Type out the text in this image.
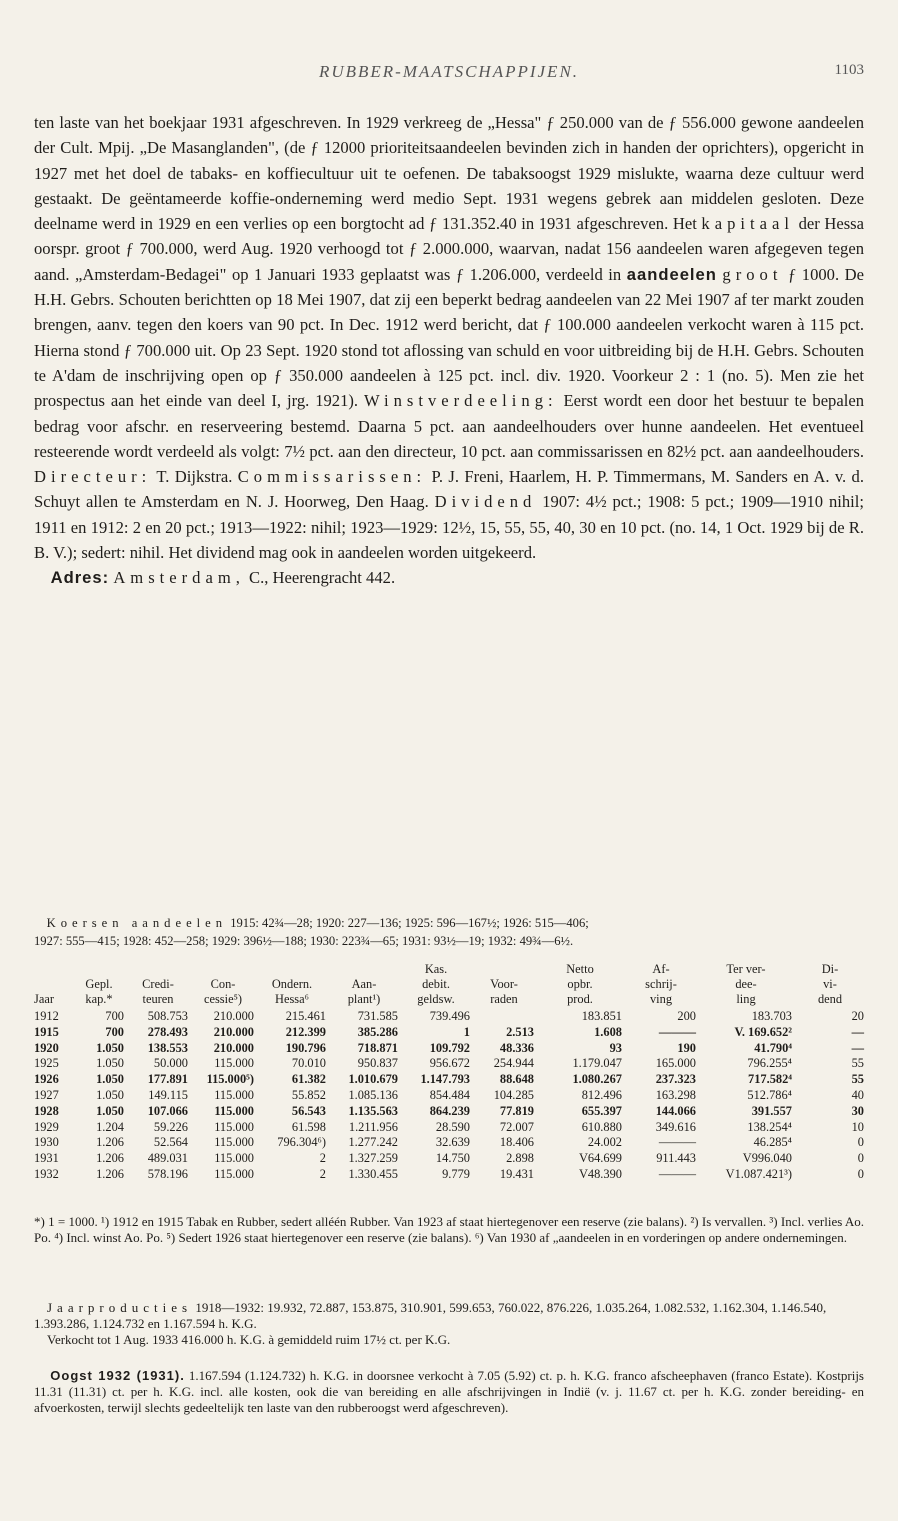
RUBBER-MAATSCHAPPIJEN.	1103

ten laste van het boekjaar 1931 afgeschreven. In 1929 verkreeg de „Hessa" ƒ 250.000 van de ƒ 556.000 gewone aandeelen der Cult. Mpij. „De Masanglanden", (de ƒ 12000 prioriteitsaandeelen bevinden zich in handen der oprichters), opgericht in 1927 met het doel de tabaks- en koffiecultuur uit te oefenen. De tabaksoogst 1929 mislukte, waarna deze cultuur werd gestaakt. De geëntameerde koffie-onderneming werd medio Sept. 1931 wegens gebrek aan middelen gesloten. Deze deelname werd in 1929 en een verlies op een borgtocht ad ƒ 131.352.40 in 1931 afgeschreven. Het kapitaal der Hessa oorspr. groot ƒ 700.000, werd Aug. 1920 verhoogd tot ƒ 2.000.000, waarvan, nadat 156 aandeelen waren afgegeven tegen aand. „Amsterdam-Bedagei" op 1 Januari 1933 geplaatst was ƒ 1.206.000, verdeeld in aandeelen groot ƒ 1000. De H.H. Gebrs. Schouten berichtten op 18 Mei 1907, dat zij een beperkt bedrag aandeelen van 22 Mei 1907 af ter markt zouden brengen, aanv. tegen den koers van 90 pct. In Dec. 1912 werd bericht, dat ƒ 100.000 aandeelen verkocht waren à 115 pct. Hierna stond ƒ 700.000 uit. Op 23 Sept. 1920 stond tot aflossing van schuld en voor uitbreiding bij de H.H. Gebrs. Schouten te A'dam de inschrijving open op ƒ 350.000 aandeelen à 125 pct. incl. div. 1920. Voorkeur 2 : 1 (no. 5). Men zie het prospectus aan het einde van deel I, jrg. 1921). Winstverdeeling: Eerst wordt een door het bestuur te bepalen bedrag voor afschr. en reserveering bestemd. Daarna 5 pct. aan aandeelhouders over hunne aandeelen. Het eventueel resteerende wordt verdeeld als volgt: 7½ pct. aan den directeur, 10 pct. aan commissarissen en 82½ pct. aan aandeelhouders. Directeur: T. Dijkstra. Commissarissen: P. J. Freni, Haarlem, H. P. Timmermans, M. Sanders en A. v. d. Schuyt allen te Amsterdam en N. J. Hoorweg, Den Haag. Dividend 1907: 4½ pct.; 1908: 5 pct.; 1909—1910 nihil; 1911 en 1912: 2 en 20 pct.; 1913—1922: nihil; 1923—1929: 12½, 15, 55, 55, 40, 30 en 10 pct. (no. 14, 1 Oct. 1929 bij de R. B. V.); sedert: nihil. Het dividend mag ook in aandeelen worden uitgekeerd.

Adres: Amsterdam, C., Heerengracht 442.

Koersen aandeelen 1915: 42¾—28; 1920: 227—136; 1925: 596—167½; 1926: 515—406;

1927: 555—415; 1928: 452—258; 1929: 396½—188; 1930: 223¾—65; 1931: 93½—19; 1932: 49¾—6½.

						Kas.		Netto	Af-	Ter ver-	Di-
	Gepl.	Credi-	Con-	Ondern.	Aan-	debit.	Voor-	opbr.	schrij-	dee-	vi-
Jaar	kap.*	teuren	cessie⁵)	Hessa⁶	plant¹)	geldsw.	raden	prod.	ving	ling	dend
1912	700	508.753	210.000	215.461	731.585	739.496		183.851	200	183.703	20
1915	700	278.493	210.000	212.399	385.286	1	2.513	1.608	———	V. 169.652²	—
1920	1.050	138.553	210.000	190.796	718.871	109.792	48.336	93	190	41.790⁴	—
1925	1.050	50.000	115.000	70.010	950.837	956.672	254.944	1.179.047	165.000	796.255⁴	55
1926	1.050	177.891	115.000⁵)	61.382	1.010.679	1.147.793	88.648	1.080.267	237.323	717.582⁴	55
1927	1.050	149.115	115.000	55.852	1.085.136	854.484	104.285	812.496	163.298	512.786⁴	40
1928	1.050	107.066	115.000	56.543	1.135.563	864.239	77.819	655.397	144.066	391.557	30
1929	1.204	59.226	115.000	61.598	1.211.956	28.590	72.007	610.880	349.616	138.254⁴	10
1930	1.206	52.564	115.000	796.304⁶)	1.277.242	32.639	18.406	24.002	———	46.285⁴	0
1931	1.206	489.031	115.000	2	1.327.259	14.750	2.898	V64.699	911.443	V996.040	0
1932	1.206	578.196	115.000	2	1.330.455	9.779	19.431	V48.390	———	V1.087.421³)	0

*) 1 = 1000. ¹) 1912 en 1915 Tabak en Rubber, sedert alléén Rubber. Van 1923 af staat hiertegenover een reserve (zie balans). ²) Is vervallen. ³) Incl. verlies Ao. Po. ⁴) Incl. winst Ao. Po. ⁵) Sedert 1926 staat hiertegenover een reserve (zie balans). ⁶) Van 1930 af „aandeelen in en vorderingen op andere ondernemingen.

Jaarproducties 1918—1932: 19.932, 72.887, 153.875, 310.901, 599.653, 760.022, 876.226, 1.035.264, 1.082.532, 1.162.304, 1.146.540, 1.393.286, 1.124.732 en 1.167.594 h. K.G.

Verkocht tot 1 Aug. 1933 416.000 h. K.G. à gemiddeld ruim 17½ ct. per K.G.

Oogst 1932 (1931). 1.167.594 (1.124.732) h. K.G. in doorsnee verkocht à 7.05 (5.92) ct. p. h. K.G. franco afscheephaven (franco Estate). Kostprijs 11.31 (11.31) ct. per h. K.G. incl. alle kosten, ook die van bereiding en alle afschrijvingen in Indië (v. j. 11.67 ct. per h. K.G. zonder bereiding- en afvoerkosten, terwijl slechts gedeeltelijk ten laste van den rubberoogst werd afgeschreven).
